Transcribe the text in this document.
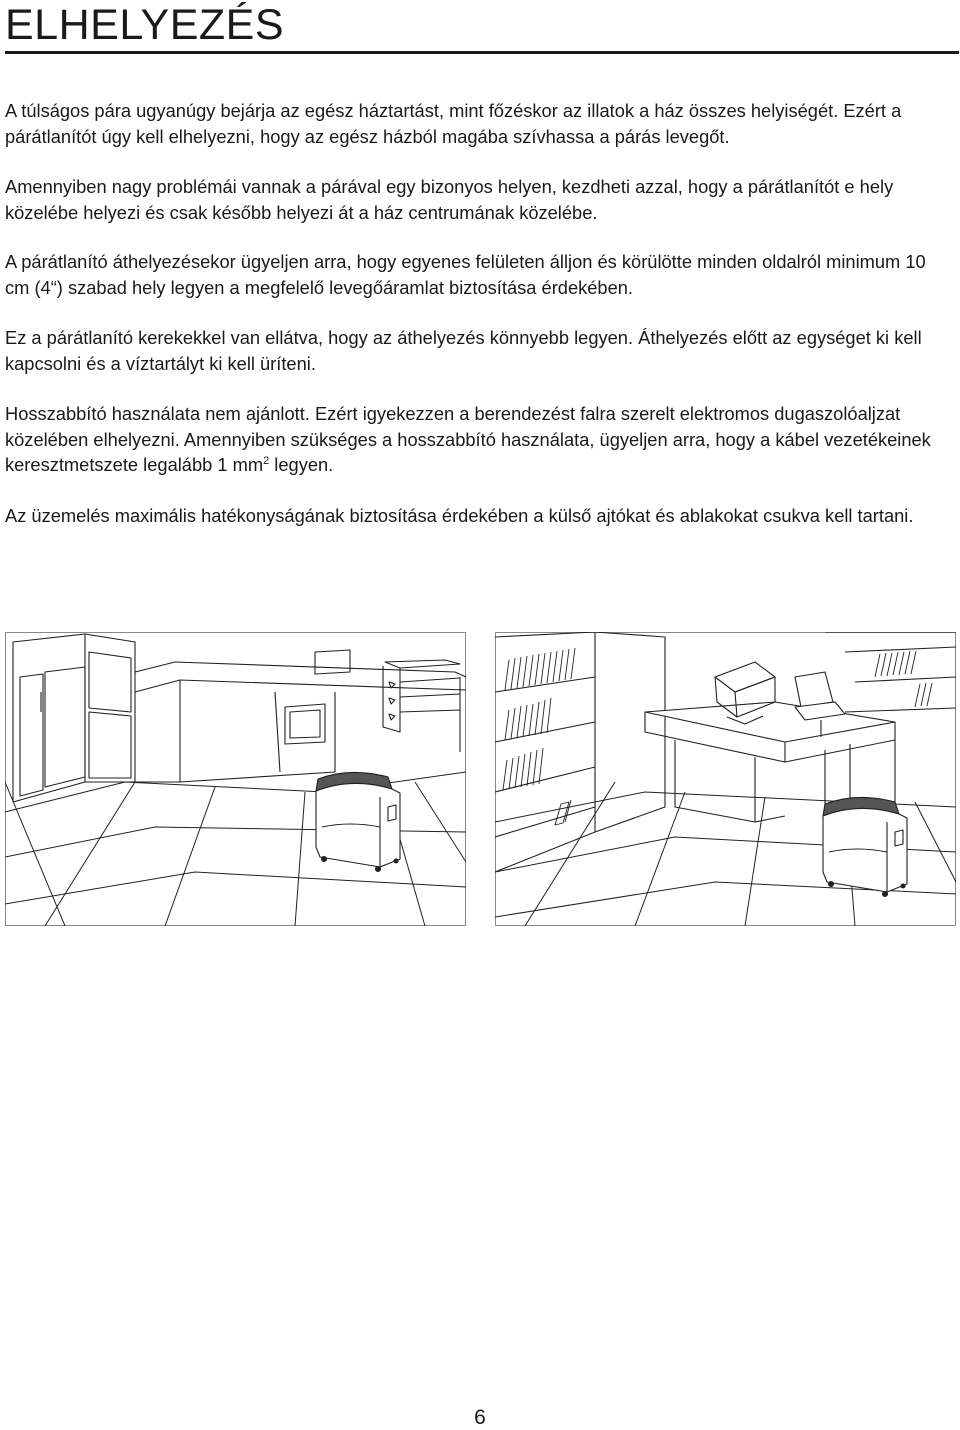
ELHELYEZÉS

A túlságos pára ugyanúgy bejárja az egész háztartást, mint főzéskor az illatok a ház összes helyiségét. Ezért a párátlanítót úgy kell elhelyezni, hogy az egész házból magába szívhassa a párás levegőt.

Amennyiben nagy problémái vannak a párával egy bizonyos helyen, kezdheti azzal, hogy a párátlanítót e hely közelébe helyezi és csak később helyezi át a ház centrumának közelébe.

A párátlanító áthelyezésekor ügyeljen arra, hogy egyenes felületen álljon és körülötte minden oldalról minimum 10 cm (4“) szabad hely legyen a megfelelő levegőáramlat biztosítása érdekében.

Ez a párátlanító kerekekkel van ellátva, hogy az áthelyezés könnyebb legyen. Áthelyezés előtt az egységet ki kell kapcsolni és a víztartályt ki kell üríteni.

Hosszabbító használata nem ajánlott. Ezért igyekezzen a berendezést falra szerelt elektromos dugaszolóaljzat közelében elhelyezni. Amennyiben szükséges a hosszabbító használata, ügyeljen arra, hogy a kábel vezetékeinek keresztmetszete legalább 1 $mm^2$ legyen.

Az üzemelés maximális hatékonyságának biztosítása érdekében a külső ajtókat és ablakokat csukva kell tartani.

6
